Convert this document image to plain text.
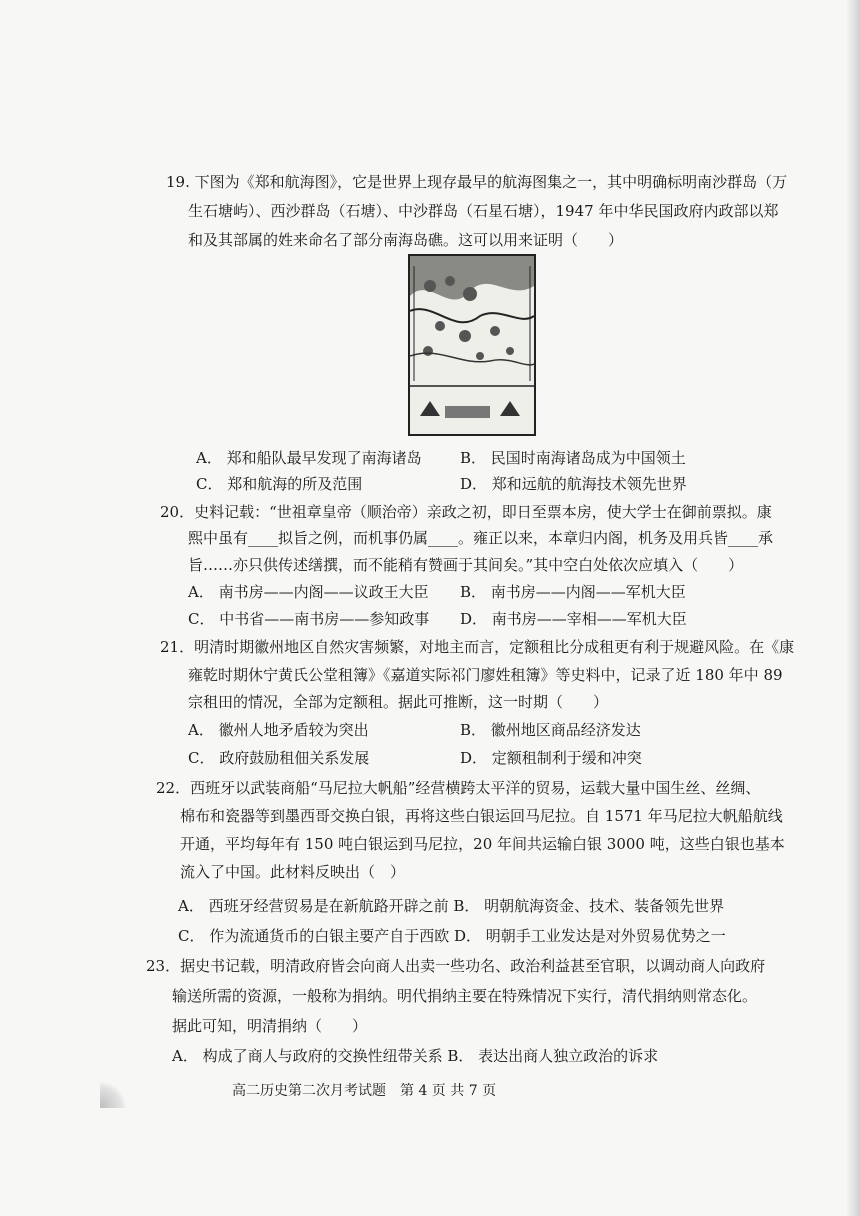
19. 下图为《郑和航海图》，它是世界上现存最早的航海图集之一，其中明确标明南沙群岛（万
生石塘屿）、西沙群岛（石塘）、中沙群岛（石星石塘），1947 年中华民国政府内政部以郑
和及其部属的姓来命名了部分南海岛礁。这可以用来证明（　　）
A． 郑和船队最早发现了南海诸岛	B． 民国时南海诸岛成为中国领土
C． 郑和航海的所及范围	D． 郑和远航的航海技术领先世界
20．史料记载：“世祖章皇帝（顺治帝）亲政之初，即日至票本房，使大学士在御前票拟。康
熙中虽有____拟旨之例，而机事仍属____。雍正以来，本章归内阁，机务及用兵皆____承
旨……亦只供传述缮撰，而不能稍有赞画于其间矣。”其中空白处依次应填入（　　）
A． 南书房——内阁——议政王大臣 B． 南书房——内阁——军机大臣
C． 中书省——南书房——参知政事 D． 南书房——宰相——军机大臣
21．明清时期徽州地区自然灾害频繁，对地主而言，定额租比分成租更有利于规避风险。在《康
雍乾时期休宁黄氏公堂租簿》《嘉道实际祁门廖姓租簿》等史料中，记录了近 180 年中 89
宗租田的情况，全部为定额租。据此可推断，这一时期（　　）
A． 徽州人地矛盾较为突出	B． 徽州地区商品经济发达
C． 政府鼓励租佃关系发展	D． 定额租制利于缓和冲突
22．西班牙以武装商船“马尼拉大帆船”经营横跨太平洋的贸易，运载大量中国生丝、丝绸、
棉布和瓷器等到墨西哥交换白银，再将这些白银运回马尼拉。自 1571 年马尼拉大帆船航线
开通，平均每年有 150 吨白银运到马尼拉，20 年间共运输白银 3000 吨，这些白银也基本
流入了中国。此材料反映出（　）
A． 西班牙经营贸易是在新航路开辟之前 B． 明朝航海资金、技术、装备领先世界
C． 作为流通货币的白银主要产自于西欧 D． 明朝手工业发达是对外贸易优势之一
23．据史书记载，明清政府皆会向商人出卖一些功名、政治利益甚至官职，以调动商人向政府
输送所需的资源，一般称为捐纳。明代捐纳主要在特殊情况下实行，清代捐纳则常态化。
据此可知，明清捐纳（　　）
A． 构成了商人与政府的交换性纽带关系 B． 表达出商人独立政治的诉求
高二历史第二次月考试题　第 4 页 共 7 页
